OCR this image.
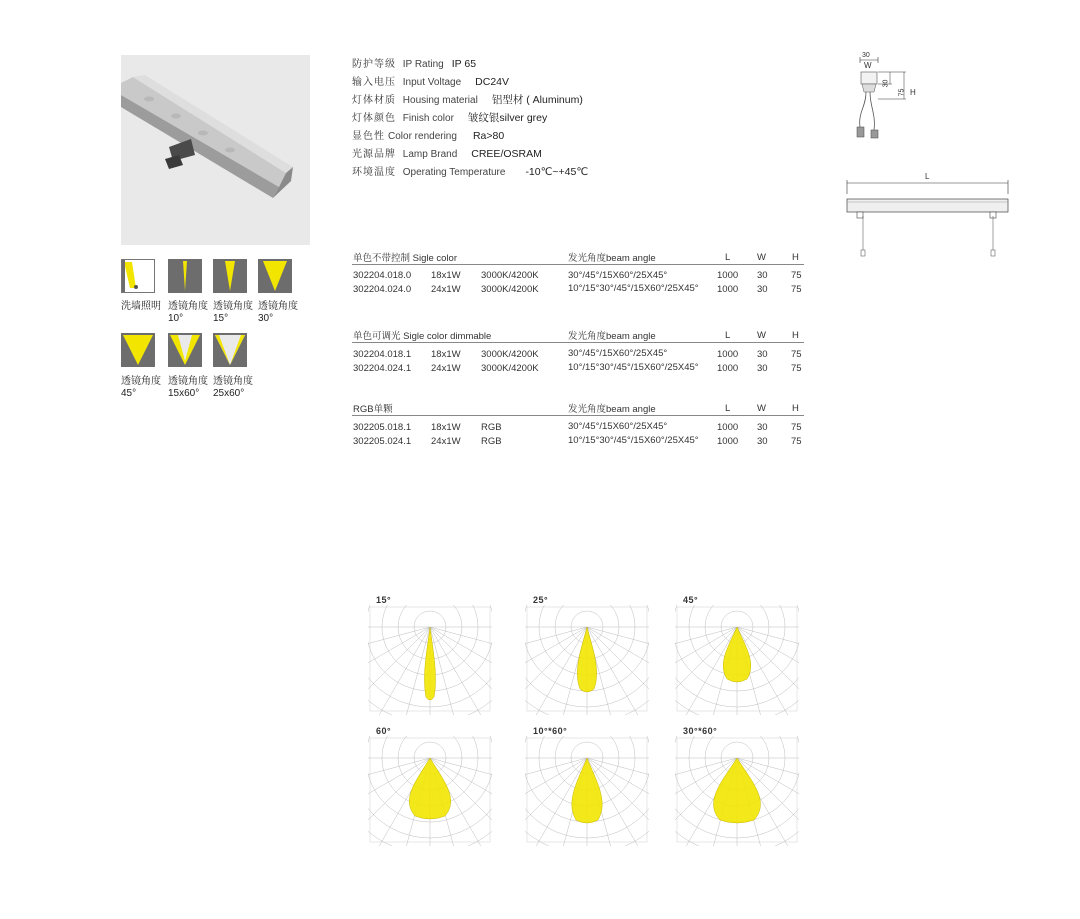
防护等级 IP Rating IP 65
输入电压 Input Voltage DC24V
灯体材质 Housing material 铝型材 ( Aluminum)
灯体颜色 Finish color 皱纹银silver grey
显色性 Color rendering Ra>80
光源品牌 Lamp Brand CREE/OSRAM
环境温度 Operating Temperature -10℃~+45℃
洗墙照明 透镜角度
10°
透镜角度
15°
透镜角度
30°
透镜角度
45°
透镜角度
15x60°
透镜角度
25x60°
单色不带控制 Sigle color	发光角度beam angle	L	W	H
302204.018.0 18x1W 3000K/4200K	30°/45°/15X60°/25X45°	1000 30 75
302204.024.0 24x1W 3000K/4200K	10°/15°30°/45°/15X60°/25X45° 1000 30 75
单色可调光 Sigle color dimmable	发光角度beam angle	L	W	H
302204.018.1 18x1W 3000K/4200K	30°/45°/15X60°/25X45°	1000 30 75
302204.024.1 24x1W 3000K/4200K	10°/15°30°/45°/15X60°/25X45° 1000 30 75
RGB单颗	发光角度beam angle	L	W	H
302205.018.1 18x1W RGB	30°/45°/15X60°/25X45°	1000 30 75
302205.024.1 24x1W RGB	10°/15°30°/45°/15X60°/25X45° 1000 30 75
30
W
30
75 H
L
15°	25°	45°
60°	10°*60°	30°*60°
